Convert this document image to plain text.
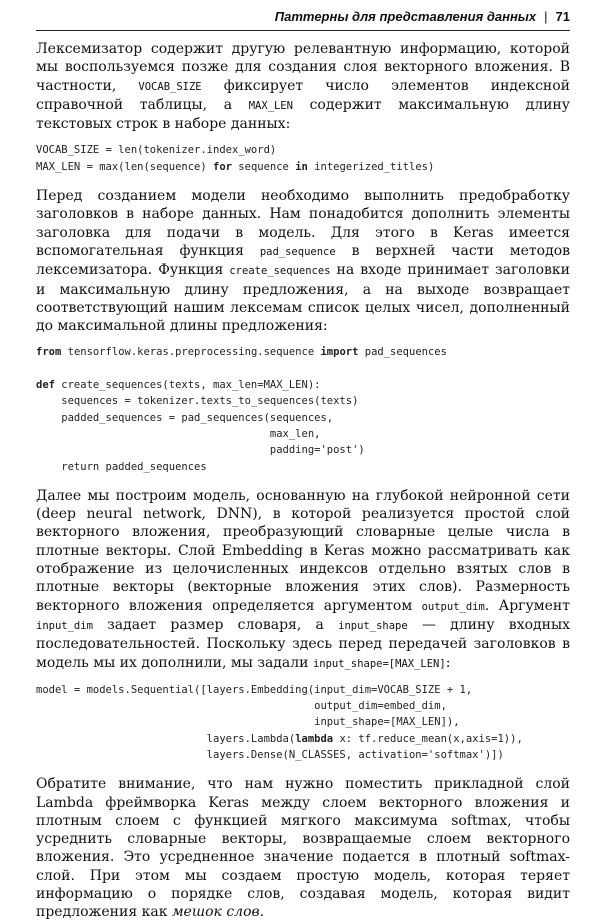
Паттерны для представления данных | 71

Лексемизатор содержит другую релевантную информацию, которой мы воспользуемся позже для создания слоя векторного вложения. В частности, VOCAB_SIZE фиксирует число элементов индексной справочной таблицы, а MAX_LEN содержит максимальную длину текстовых строк в наборе данных:

VOCAB_SIZE = len(tokenizer.index_word)
MAX_LEN = max(len(sequence) for sequence in integerized_titles)

Перед созданием модели необходимо выполнить предобработку заголовков в наборе данных. Нам понадобится дополнить элементы заголовка для подачи в модель. Для этого в Keras имеется вспомогательная функция pad_sequence в верхней части методов лексемизатора. Функция create_sequences на входе принимает заголовки и максимальную длину предложения, а на выходе возвращает соответствующий нашим лексемам список целых чисел, дополненный до максимальной длины предложения:

from tensorflow.keras.preprocessing.sequence import pad_sequences

def create_sequences(texts, max_len=MAX_LEN):
sequences = tokenizer.texts_to_sequences(texts)
padded_sequences = pad_sequences(sequences,
max_len,
padding='post')
return padded_sequences

Далее мы построим модель, основанную на глубокой нейронной сети (deep neural network, DNN), в которой реализуется простой слой векторного вложения, преобразующий словарные целые числа в плотные векторы. Слой Embedding в Keras можно рассматривать как отображение из целочисленных индексов отдельно взятых слов в плотные векторы (векторные вложения этих слов). Размерность векторного вложения определяется аргументом output_dim. Аргумент input_dim задает размер словаря, а input_shape — длину входных последовательностей. Поскольку здесь перед передачей заголовков в модель мы их дополнили, мы задали input_shape=[MAX_LEN]:

model = models.Sequential([layers.Embedding(input_dim=VOCAB_SIZE + 1,
output_dim=embed_dim,
input_shape=[MAX_LEN]),
layers.Lambda(lambda x: tf.reduce_mean(x,axis=1)),
layers.Dense(N_CLASSES, activation='softmax')])

Обратите внимание, что нам нужно поместить прикладной слой Lambda фреймворка Keras между слоем векторного вложения и плотным слоем с функцией мягкого максимума softmax, чтобы усреднить словарные векторы, возвращаемые слоем векторного вложения. Это усредненное значение подается в плотный softmax-слой. При этом мы создаем простую модель, которая теряет информацию о порядке слов, создавая модель, которая видит предложения как мешок слов.
